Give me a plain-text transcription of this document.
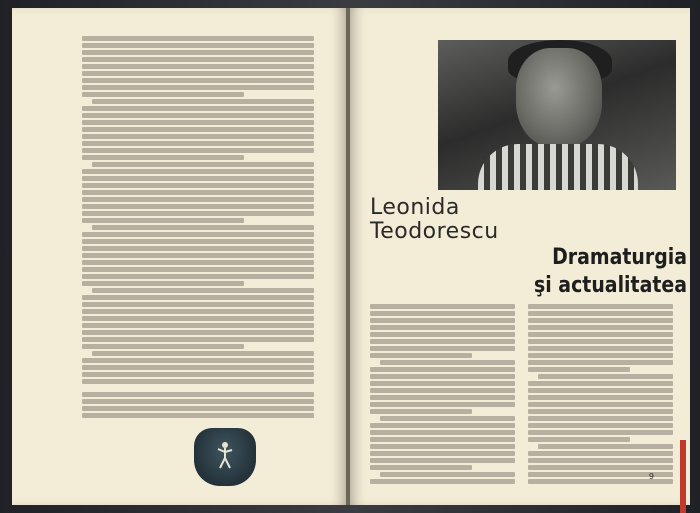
Leonida
Teodorescu
Dramaturgia
şi actualitatea
9
